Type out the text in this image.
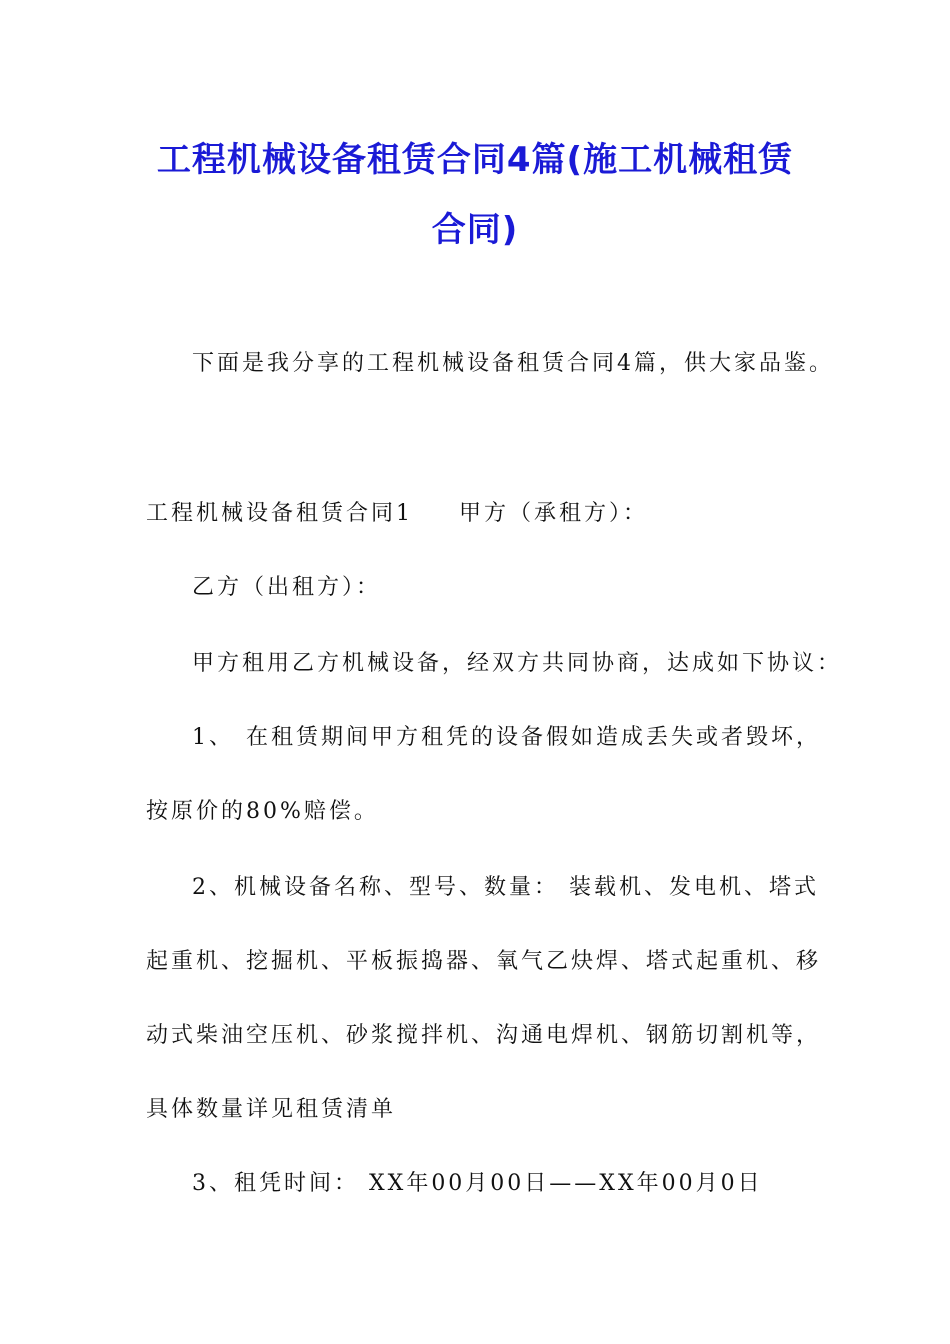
工程机械设备租赁合同4篇(施工机械租赁
合同)
下面是我分享的工程机械设备租赁合同4篇，供大家品鉴。
工程机械设备租赁合同1 甲方（承租方）：
乙方（出租方）：
甲方租用乙方机械设备，经双方共同协商，达成如下协议：
1、 在租赁期间甲方租凭的设备假如造成丢失或者毁坏，
按原价的80%赔偿。
2、机械设备名称、型号、数量： 装载机、发电机、塔式
起重机、挖掘机、平板振捣器、氧气乙炔焊、塔式起重机、移
动式柴油空压机、砂浆搅拌机、沟通电焊机、钢筋切割机等，
具体数量详见租赁清单
3、租凭时间： XX年00月00日——XX年00月0日
